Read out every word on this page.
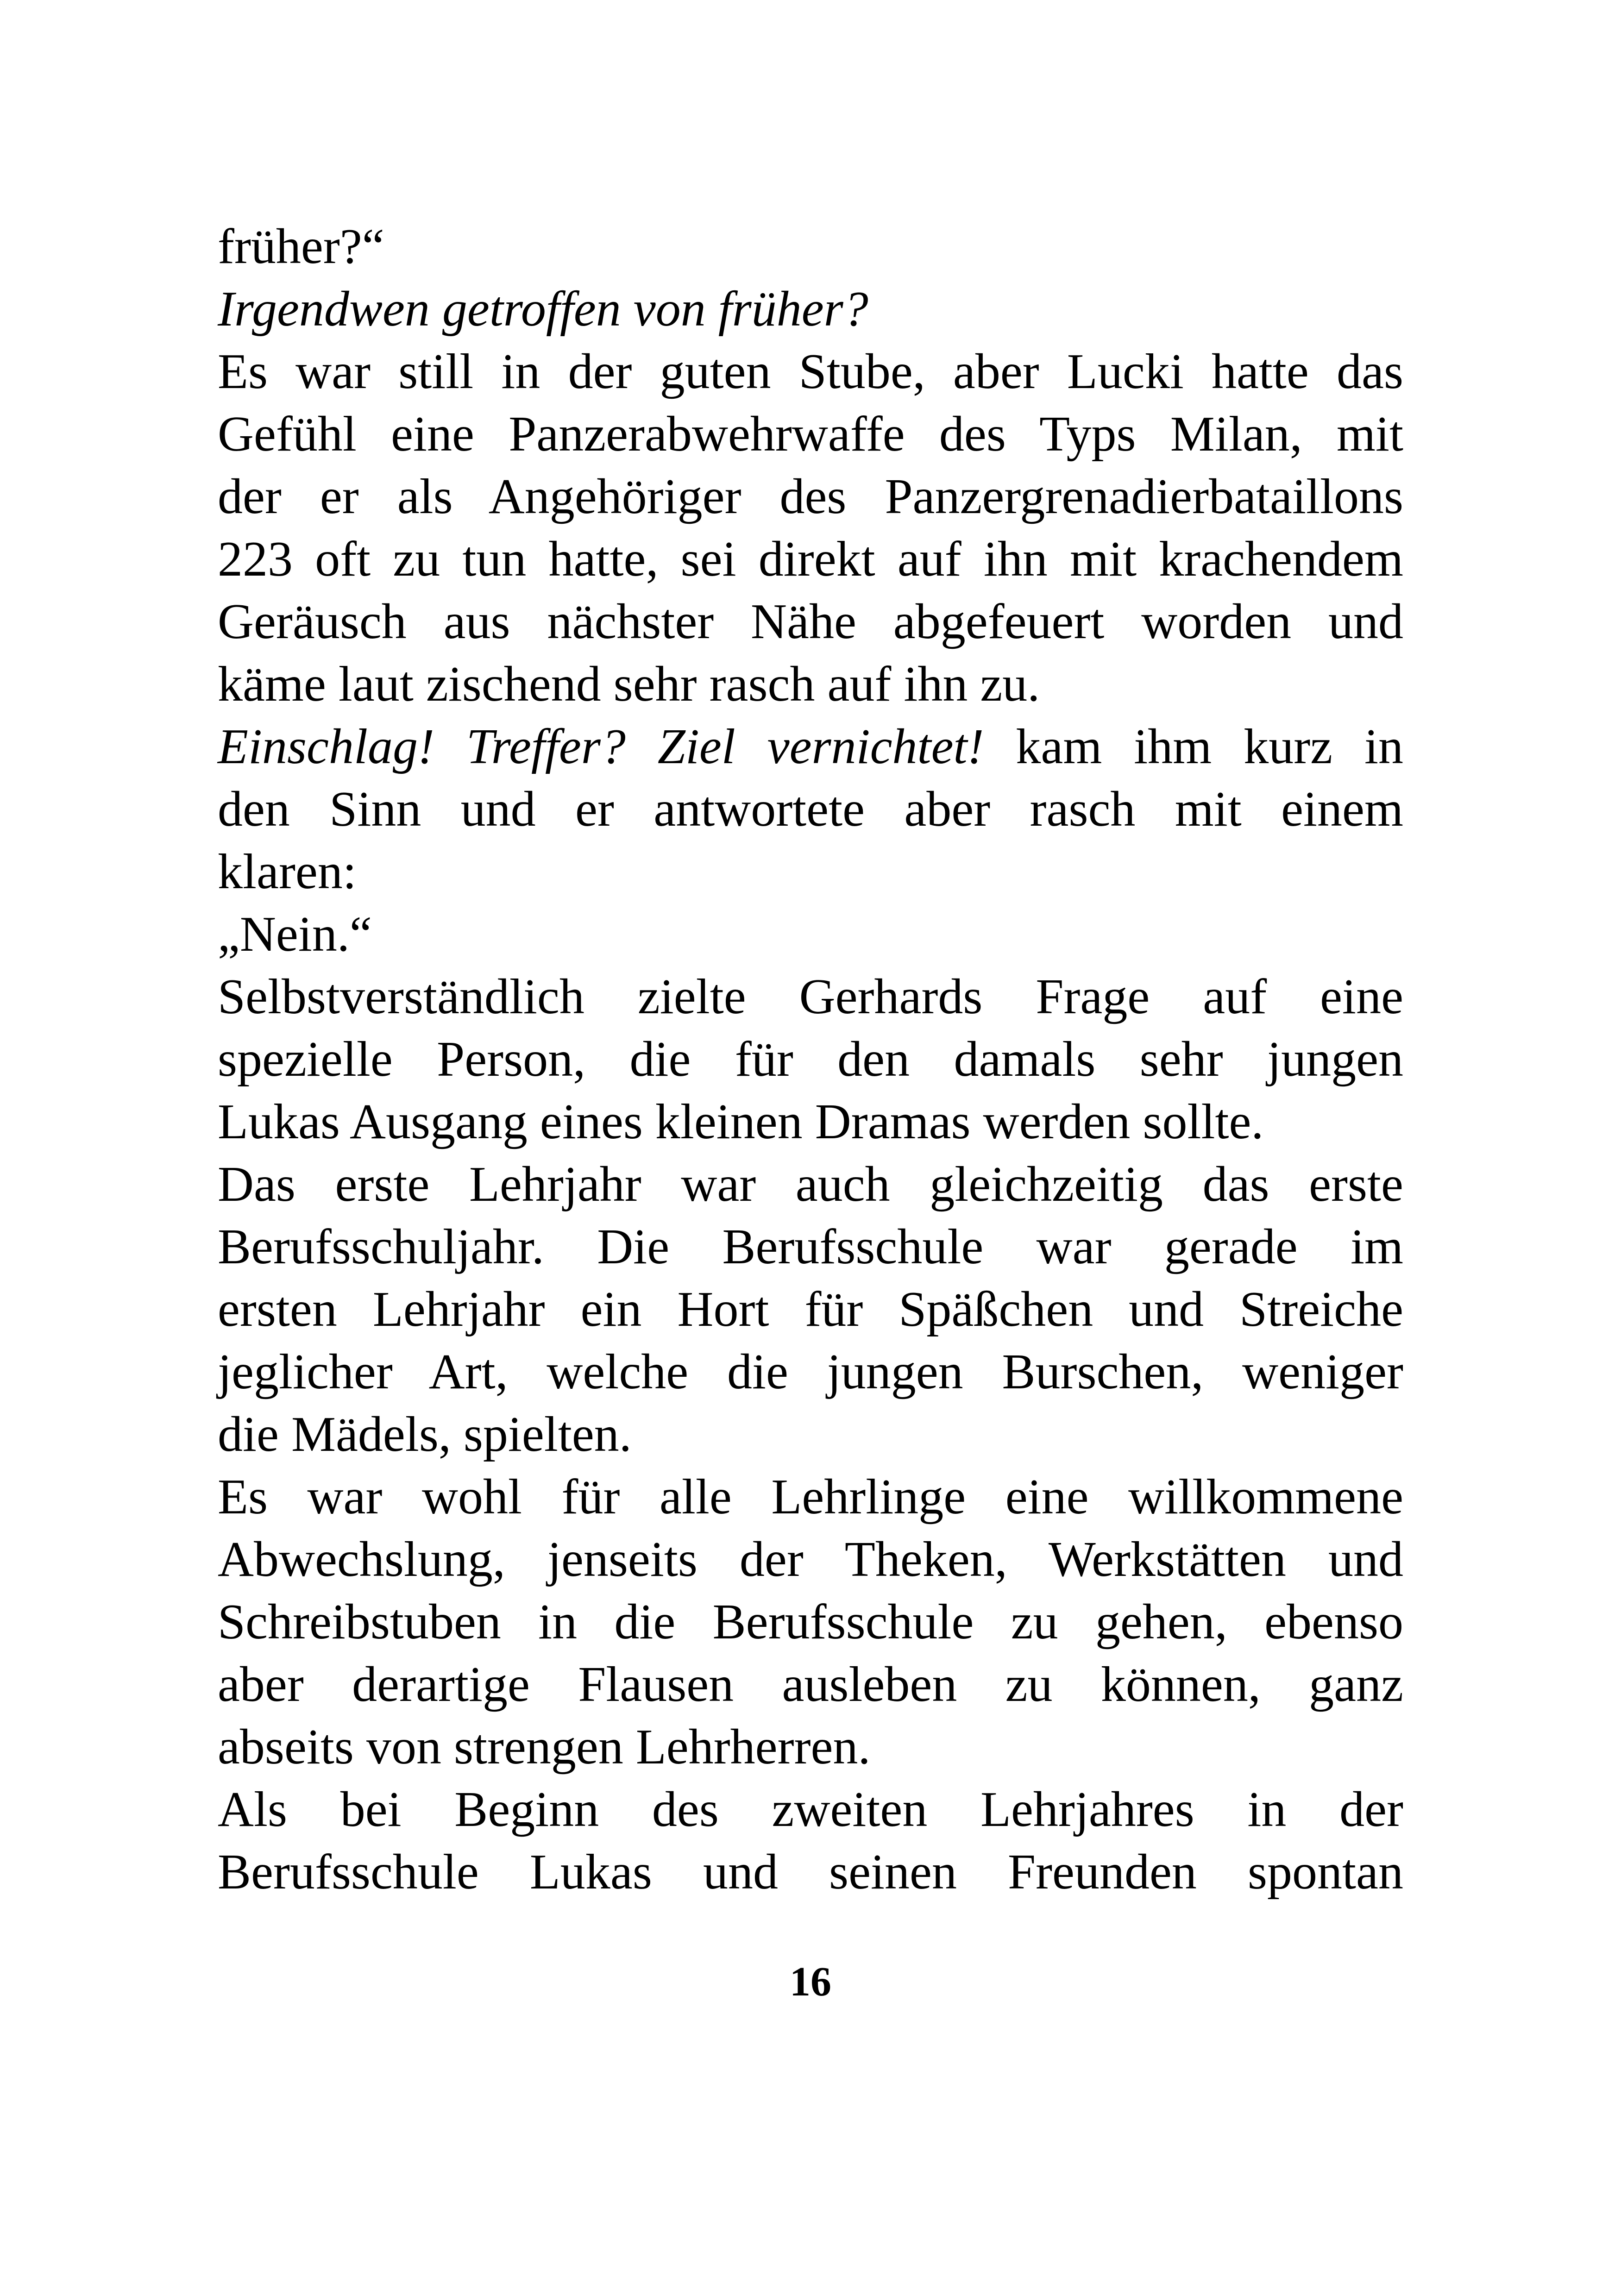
früher?“
Irgendwen getroffen von früher?
Es war still in der guten Stube, aber Lucki hatte das
Gefühl eine Panzerabwehrwaffe des Typs Milan, mit
der er als Angehöriger des Panzergrenadierbataillons
223 oft zu tun hatte, sei direkt auf ihn mit krachendem
Geräusch aus nächster Nähe abgefeuert worden und
käme laut zischend sehr rasch auf ihn zu.
Einschlag! Treffer? Ziel vernichtet! kam ihm kurz in
den Sinn und er antwortete aber rasch mit einem
klaren:
„Nein.“
Selbstverständlich zielte Gerhards Frage auf eine
spezielle Person, die für den damals sehr jungen
Lukas Ausgang eines kleinen Dramas werden sollte.
Das erste Lehrjahr war auch gleichzeitig das erste
Berufsschuljahr. Die Berufsschule war gerade im
ersten Lehrjahr ein Hort für Späßchen und Streiche
jeglicher Art, welche die jungen Burschen, weniger
die Mädels, spielten.
Es war wohl für alle Lehrlinge eine willkommene
Abwechslung, jenseits der Theken, Werkstätten und
Schreibstuben in die Berufsschule zu gehen, ebenso
aber derartige Flausen ausleben zu können, ganz
abseits von strengen Lehrherren.
Als bei Beginn des zweiten Lehrjahres in der
Berufsschule Lukas und seinen Freunden spontan
16
